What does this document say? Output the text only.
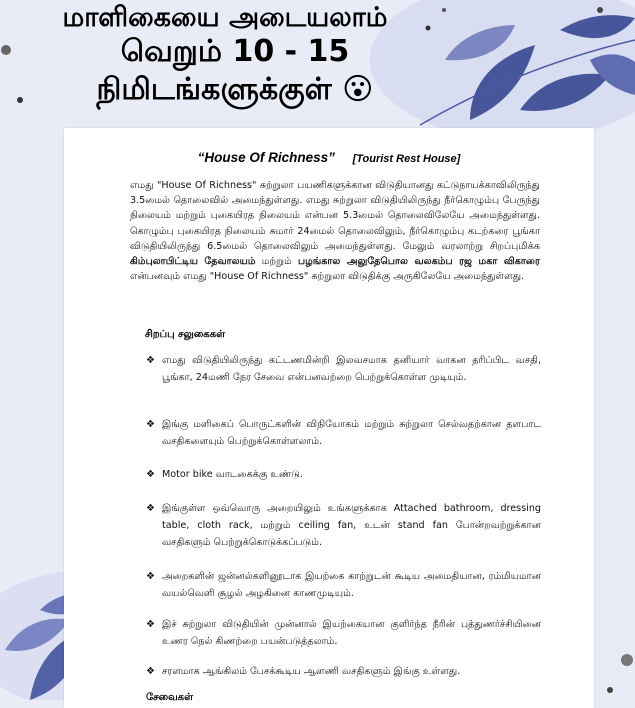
மாளிகையை அடையலாம்
வெறும் 10 - 15
நிமிடங்களுக்குள் 😮
“House Of Richness” [Tourist Rest House]
எமது "House Of Richness" சுற்றுலா பயணிகளுக்கான விடுதியானது கட்டுநாயக்காவிலிருந்து 3.5மைல் தொலைவில் அமைந்துள்ளது. எமது சுற்றுலா விடுதியிலிருந்து நீர்கொழும்பு பேருந்து நிலையம் மற்றும் புகையிரத நிலையம் என்பன 5.3மைல் தொலைவிலேயே அமைந்துள்ளது. கொழும்பு புகையிரத நிலையம் சுமார் 24மைல் தொலைவிலும், நீர்கொழும்பு கடற்கரை பூங்கா விடுதியிலிருந்து 6.5மைல் தொலைவிலும் அமைந்துள்ளது. மேலும் வரலாற்று சிறப்புமிக்க கிம்புலாபிட்டிய தேவாலயம் மற்றும் பழங்கால அலுதேபொல வலகம்ப ரஜ மகா விகாரை என்பனவும் எமது "House Of Richness" சுற்றுலா விடுதிக்கு அருகிலேயே அமைந்துள்ளது.
சிறப்பு சலுகைகள்
❖ எமது விடுதியிலிருந்து கட்டணமின்றி இலவசமாக தனியார் வாகன தரிப்பிட வசதி, பூங்கா, 24மணி நேர சேவை என்பனவற்றை பெற்றுக்கொள்ள முடியும்.
❖ இங்கு மளிகைப் பொருட்களின் விநியோகம் மற்றும் சுற்றுலா செல்வதற்கான தளபாட வசதிகளையும் பெற்றுக்கொள்ளலாம்.
❖ Motor bike வாடகைக்கு உண்டு.
❖ இங்குள்ள ஒவ்வொரு அறையிலும் உங்களுக்காக Attached bathroom, dressing table, cloth rack, மற்றும் ceiling fan, உடன் stand fan போன்றவற்றுக்கான வசதிகளும் பெற்றுக்கொடுக்கப்படும்.
❖ அறைகளின் ஜன்னல்களினூடாக இயற்கை காற்றுடன் கூடிய அமைதியான, ரம்மியமான வயல்வெளி சூழல் அழகினை காணமுடியும்.
❖ இச் சுற்றுலா விடுதியின் முன்னால் இயற்கையான குளிர்ந்த நீரின் புத்துணர்ச்சியினை உணர நெல் கிணற்றை பயன்படுத்தலாம்.
❖ சரளமாக ஆங்கிலம் பேசக்கூடிய ஆளணி வசதிகளும் இங்கு உள்ளது.
சேவைகள்
